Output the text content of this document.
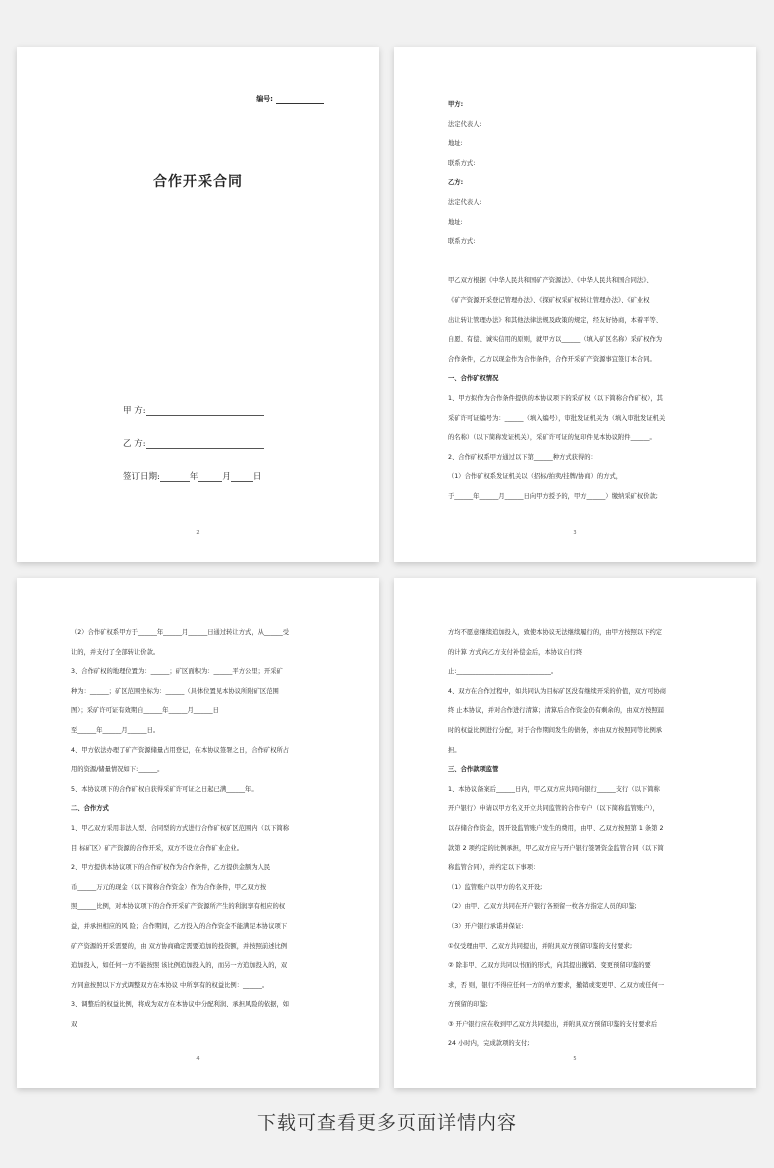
编号:
合作开采合同
甲 方:
乙 方:
签订日期:	年	月	日
2

甲方:

法定代表人:

地址:

联系方式:

乙方:

法定代表人:

地址:

联系方式:

甲乙双方根据《中华人民共和国矿产资源法》、《中华人民共和国合同法》、

《矿产资源开采登记管理办法》、《探矿权采矿权转让管理办法》、《矿业权

出让转让管理办法》和其他法律法规及政策的规定，经友好协商，本着平等、

自愿、有偿、诚实信用的原则，就甲方以______（填入矿区名称）采矿权作为

合作条件，乙方以现金作为合作条件，合作开采矿产资源事宜签订本合同。

一、合作矿权情况

1、甲方拟作为合作条件提供的本协议项下的采矿权（以下简称合作矿权），其

采矿许可证编号为：______（填入编号），审批发证机关为（填入审批发证机关

的名称）（以下简称发证机关），采矿许可证的复印件见本协议附件______。

2、合作矿权系甲方通过以下第______种方式获得的：

（1）合作矿权系发证机关以（招标/拍卖/挂牌/协商）的方式，

于______年______月______日向甲方授予的，甲方______）缴纳采矿权价款;

3

（2）合作矿权系甲方于______年______月______日通过转让方式，从______受

让的，并支付了全部转让价款。

3、合作矿权的地理位置为：______；矿区面积为：______平方公里；开采矿

种为：______；矿区范围坐标为：______（具体位置见本协议所附矿区范围

图）；采矿许可证有效期自______年______月______日

至______年______月______日。

4、甲方依法办理了矿产资源储量占用登记，在本协议签署之日，合作矿权所占

用的资源/储量情况如下:______。

5、本协议项下的合作矿权自获得采矿许可证之日起已满______年。

二、合作方式

1、甲乙双方采用非法人型、合同型的方式进行合作矿权矿区范围内（以下简称

目 标矿区）矿产资源的合作开采，双方不设立合作矿业企业。

2、甲方提供本协议项下的合作矿权作为合作条件，乙方提供金额为人民

币______万元的现金（以下简称合作资金）作为合作条件，甲乙双方按

照______比例，对本协议项下的合作开采矿产资源所产生的利润享有相应的权

益，并承担相应的风 险；合作期间，乙方投入的合作资金不能满足本协议项下

矿产资源的开采需要的，由 双方协商确定需要追加的投资额，并按照前述比例

追加投入，如任何一方不能按照 该比例追加投入的，而另一方追加投入的，双

方同意按照以下方式调整双方在本协议 中所享有的权益比例：______。

3、调整后的权益比例，将成为双方在本协议中分配利润、承担风险的依据，如

双

4

方均不愿意继续追加投入，致使本协议无法继续履行的，由甲方按照以下约定

的计算 方式向乙方支付补偿金后，本协议自行终

止:______________________________。

4、双方在合作过程中，如共同认为目标矿区没有继续开采的价值，双方可协商

终 止本协议，并对合作进行清算；清算后合作资金仍有剩余的，由双方按照届

时的权益比例进行分配，对于合作期间发生的债务，亦由双方按照同等比例承

担。

三、合作款项监管

1、本协议备案后______日内，甲乙双方应共同向银行______支行（以下简称

开户银行）申请以甲方名义开立共同监管的合作专户（以下简称监管账户），

以存储合作资金，因开设监管账户发生的费用，由甲、乙双方按照第 1 条第 2

款第 2 项约定的比例承担，甲乙双方应与开户银行签署资金监管合同（以下简

称监管合同），并约定以下事项：

（1）监管账户以甲方的名义开设;

（2）由甲、乙双方共同在开户银行各预留一枚各方指定人员的印鉴;

（3）开户银行承诺并保证:

①仅受理由甲、乙双方共同提出，并附具双方预留印鉴的支付要求;

② 除非甲、乙双方共同以书面的形式，向其提出撤销、变更预留印鉴的要

求，否 则，银行不得应任何一方的单方要求，撤销或变更甲、乙双方或任何一

方预留的印鉴;

③ 开户银行应在收到甲乙双方共同提出，并附具双方预留印鉴的支付要求后

24 小时内，完成款项的支付;

5
下载可查看更多页面详情内容
